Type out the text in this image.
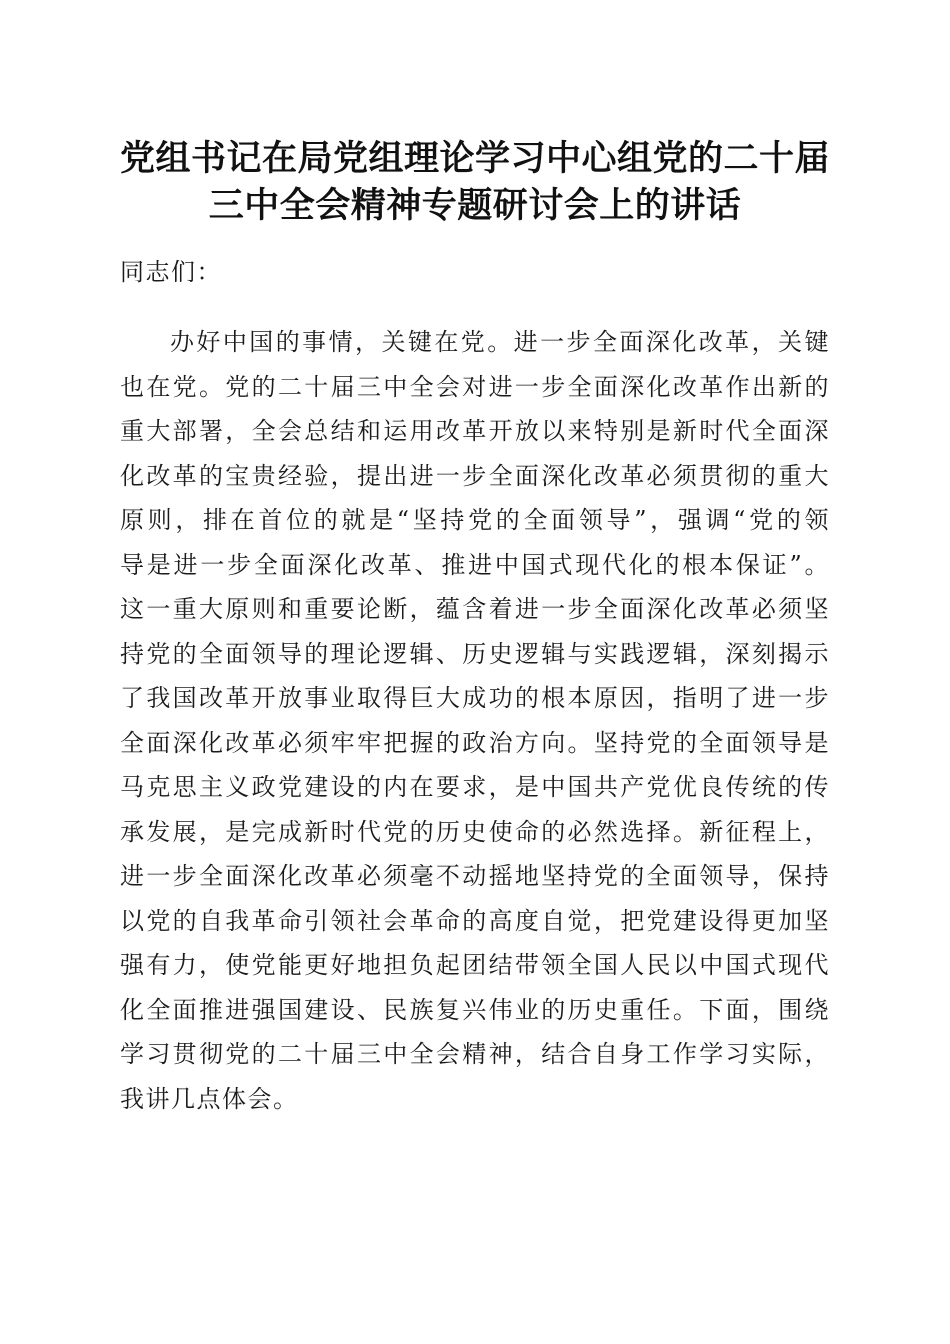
党组书记在局党组理论学习中心组党的二十届
三中全会精神专题研讨会上的讲话
同志们：
办好中国的事情，关键在党。进一步全面深化改革，关键
也在党。党的二十届三中全会对进一步全面深化改革作出新的
重大部署，全会总结和运用改革开放以来特别是新时代全面深
化改革的宝贵经验，提出进一步全面深化改革必须贯彻的重大
原则，排在首位的就是“坚持党的全面领导”，强调“党的领
导是进一步全面深化改革、推进中国式现代化的根本保证”。
这一重大原则和重要论断，蕴含着进一步全面深化改革必须坚
持党的全面领导的理论逻辑、历史逻辑与实践逻辑，深刻揭示
了我国改革开放事业取得巨大成功的根本原因，指明了进一步
全面深化改革必须牢牢把握的政治方向。坚持党的全面领导是
马克思主义政党建设的内在要求，是中国共产党优良传统的传
承发展，是完成新时代党的历史使命的必然选择。新征程上，
进一步全面深化改革必须毫不动摇地坚持党的全面领导，保持
以党的自我革命引领社会革命的高度自觉，把党建设得更加坚
强有力，使党能更好地担负起团结带领全国人民以中国式现代
化全面推进强国建设、民族复兴伟业的历史重任。下面，围绕
学习贯彻党的二十届三中全会精神，结合自身工作学习实际，
我讲几点体会。
